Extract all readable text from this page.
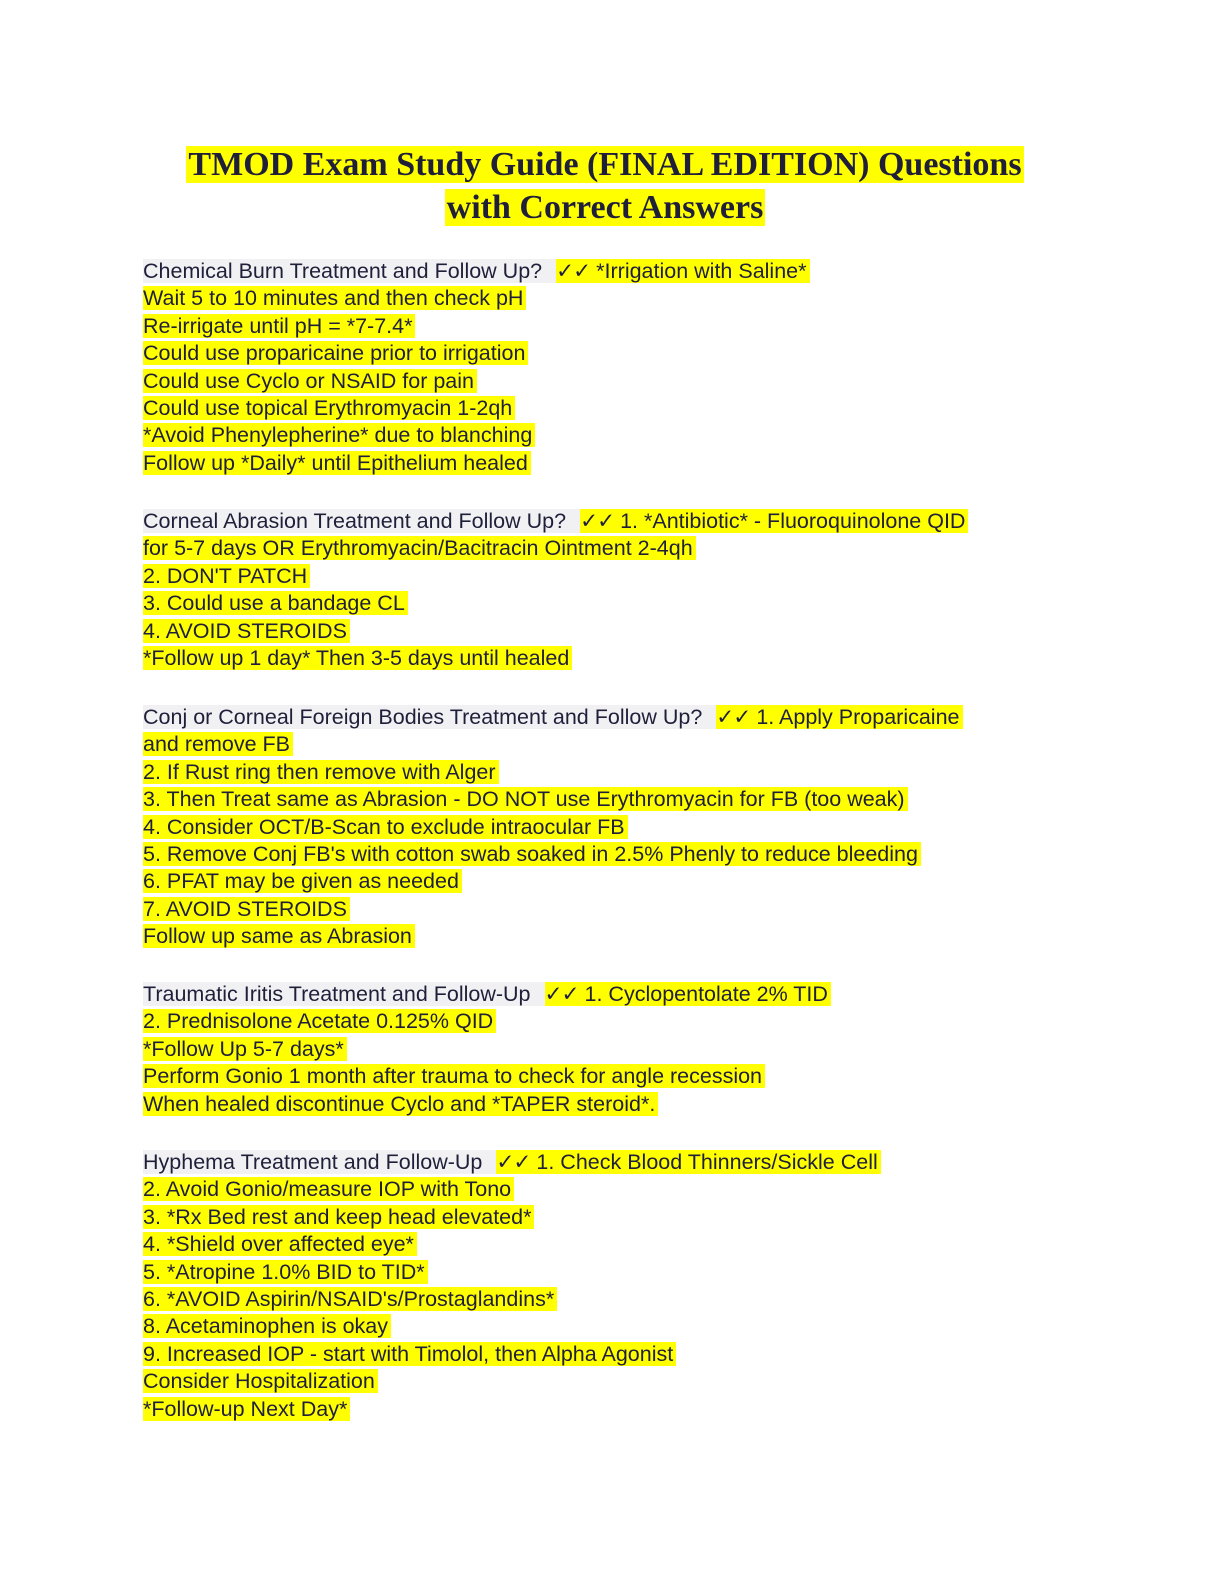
TMOD Exam Study Guide (FINAL EDITION) Questions
with Correct Answers
Chemical Burn Treatment and Follow Up? ✓✓ *Irrigation with Saline*
Wait 5 to 10 minutes and then check pH
Re-irrigate until pH = *7-7.4*
Could use proparicaine prior to irrigation
Could use Cyclo or NSAID for pain
Could use topical Erythromyacin 1-2qh
*Avoid Phenylepherine* due to blanching
Follow up *Daily* until Epithelium healed
Corneal Abrasion Treatment and Follow Up? ✓✓ 1. *Antibiotic* - Fluoroquinolone QID
for 5-7 days OR Erythromyacin/Bacitracin Ointment 2-4qh
2. DON'T PATCH
3. Could use a bandage CL
4. AVOID STEROIDS
*Follow up 1 day* Then 3-5 days until healed
Conj or Corneal Foreign Bodies Treatment and Follow Up? ✓✓ 1. Apply Proparicaine
and remove FB
2. If Rust ring then remove with Alger
3. Then Treat same as Abrasion - DO NOT use Erythromyacin for FB (too weak)
4. Consider OCT/B-Scan to exclude intraocular FB
5. Remove Conj FB's with cotton swab soaked in 2.5% Phenly to reduce bleeding
6. PFAT may be given as needed
7. AVOID STEROIDS
Follow up same as Abrasion
Traumatic Iritis Treatment and Follow-Up ✓✓ 1. Cyclopentolate 2% TID
2. Prednisolone Acetate 0.125% QID
*Follow Up 5-7 days*
Perform Gonio 1 month after trauma to check for angle recession
When healed discontinue Cyclo and *TAPER steroid*.
Hyphema Treatment and Follow-Up ✓✓ 1. Check Blood Thinners/Sickle Cell
2. Avoid Gonio/measure IOP with Tono
3. *Rx Bed rest and keep head elevated*
4. *Shield over affected eye*
5. *Atropine 1.0% BID to TID*
6. *AVOID Aspirin/NSAID's/Prostaglandins*
8. Acetaminophen is okay
9. Increased IOP - start with Timolol, then Alpha Agonist
Consider Hospitalization
*Follow-up Next Day*
